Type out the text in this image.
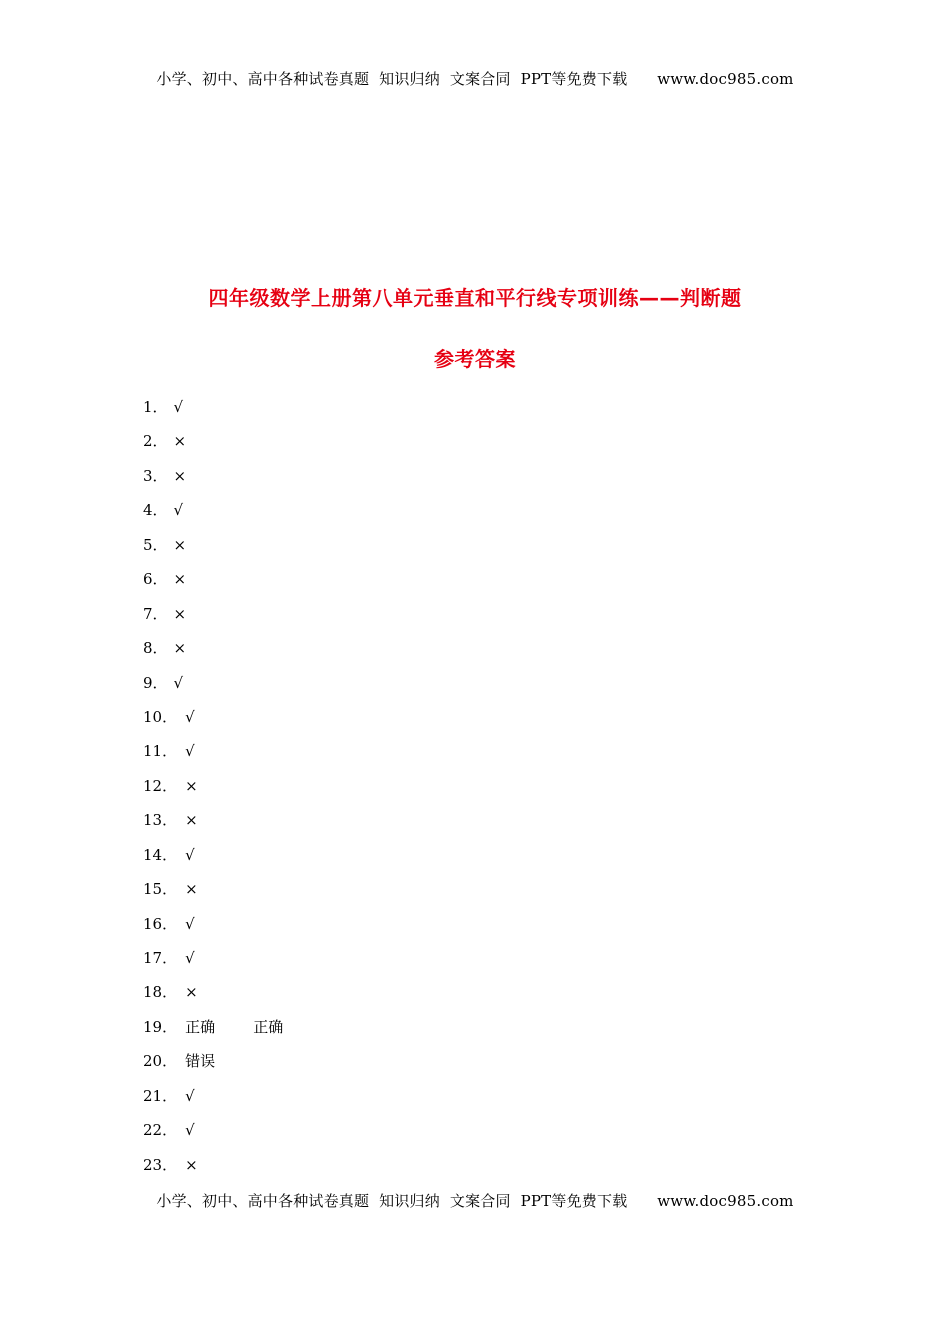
小学、初中、高中各种试卷真题  知识归纳  文案合同  PPT等免费下载      www.doc985.com
四年级数学上册第八单元垂直和平行线专项训练——判断题
参考答案
1． √
2． ×
3． ×
4． √
5． ×
6． ×
7． ×
8． ×
9． √
10． √
11． √
12． ×
13． ×
14． √
15． ×
16． √
17． √
18． ×
19． 正确        正确
20． 错误
21． √
22． √
23． ×
小学、初中、高中各种试卷真题  知识归纳  文案合同  PPT等免费下载      www.doc985.com
